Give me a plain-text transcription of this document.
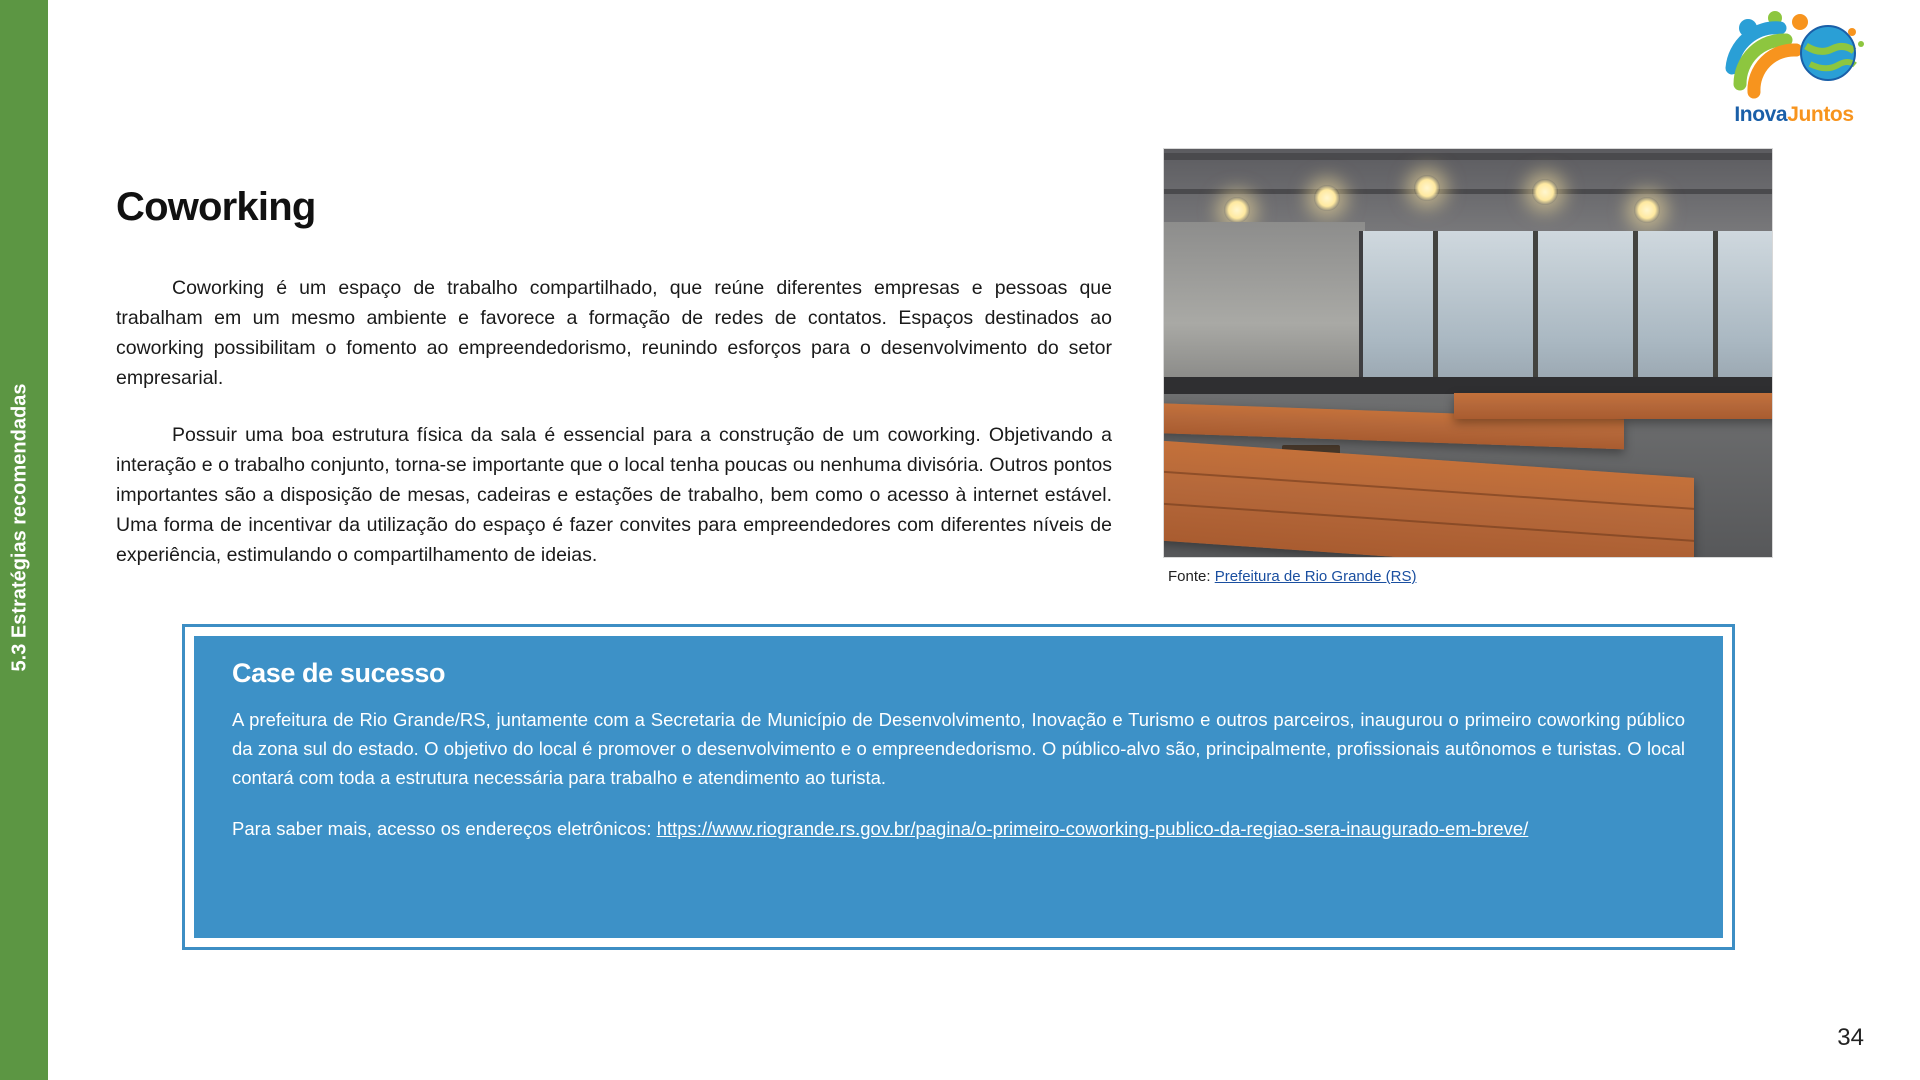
5.3 Estratégias recomendadas
InovaJuntos
Coworking

Coworking é um espaço de trabalho compartilhado, que reúne diferentes empresas e pessoas que trabalham em um mesmo ambiente e favorece a formação de redes de contatos. Espaços destinados ao coworking possibilitam o fomento ao empreendedorismo, reunindo esforços para o desenvolvimento do setor empresarial.

Possuir uma boa estrutura física da sala é essencial para a construção de um coworking. Objetivando a interação e o trabalho conjunto, torna-se importante que o local tenha poucas ou nenhuma divisória. Outros pontos importantes são a disposição de mesas, cadeiras e estações de trabalho, bem como o acesso à internet estável. Uma forma de incentivar da utilização do espaço é fazer convites para empreendedores com diferentes níveis de experiência, estimulando o compartilhamento de ideias.

Fonte: Prefeitura de Rio Grande (RS)
Case de sucesso
A prefeitura de Rio Grande/RS, juntamente com a Secretaria de Município de Desenvolvimento, Inovação e Turismo e outros parceiros, inaugurou o primeiro coworking público da zona sul do estado. O objetivo do local é promover o desenvolvimento e o empreendedorismo. O público-alvo são, principalmente, profissionais autônomos e turistas. O local contará com toda a estrutura necessária para trabalho e atendimento ao turista.
Para saber mais, acesso os endereços eletrônicos: https://www.riogrande.rs.gov.br/pagina/o-primeiro-coworking-publico-da-regiao-sera-inaugurado-em-breve/
34
